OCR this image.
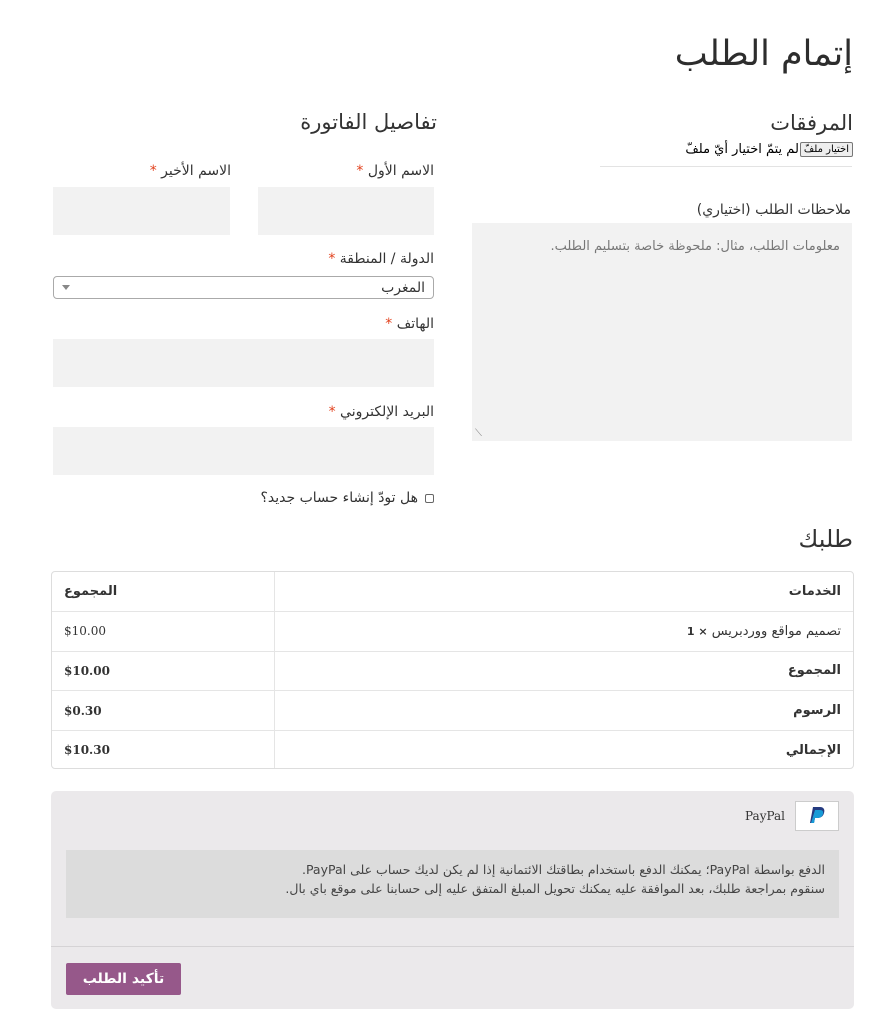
إتمام الطلب
تفاصيل الفاتورة
الاسم الأول *
الاسم الأخير *
الدولة / المنطقة *
المغرب
الهاتف *
البريد الإلكتروني *
هل تودّ إنشاء حساب جديد؟
المرفقات
اختيار ملفّ
لم يتمّ اختيار أيّ ملفّ
ملاحظات الطلب (اختياري)
معلومات الطلب، مثال: ملحوظة خاصة بتسليم الطلب.
⟋
طلبك
الخدمات	المجموع
تصميم مواقع ووردبريس × 1	$10.00
المجموع	$10.00
الرسوم	$0.30
الإجمالي	$10.30
PayPal
الدفع بواسطة PayPal؛ يمكنك الدفع باستخدام بطاقتك الائتمانية إذا لم يكن لديك حساب على PayPal.
سنقوم بمراجعة طلبك، بعد الموافقة عليه يمكنك تحويل المبلغ المتفق عليه إلى حسابنا على موقع باي بال.
تأكيد الطلب
